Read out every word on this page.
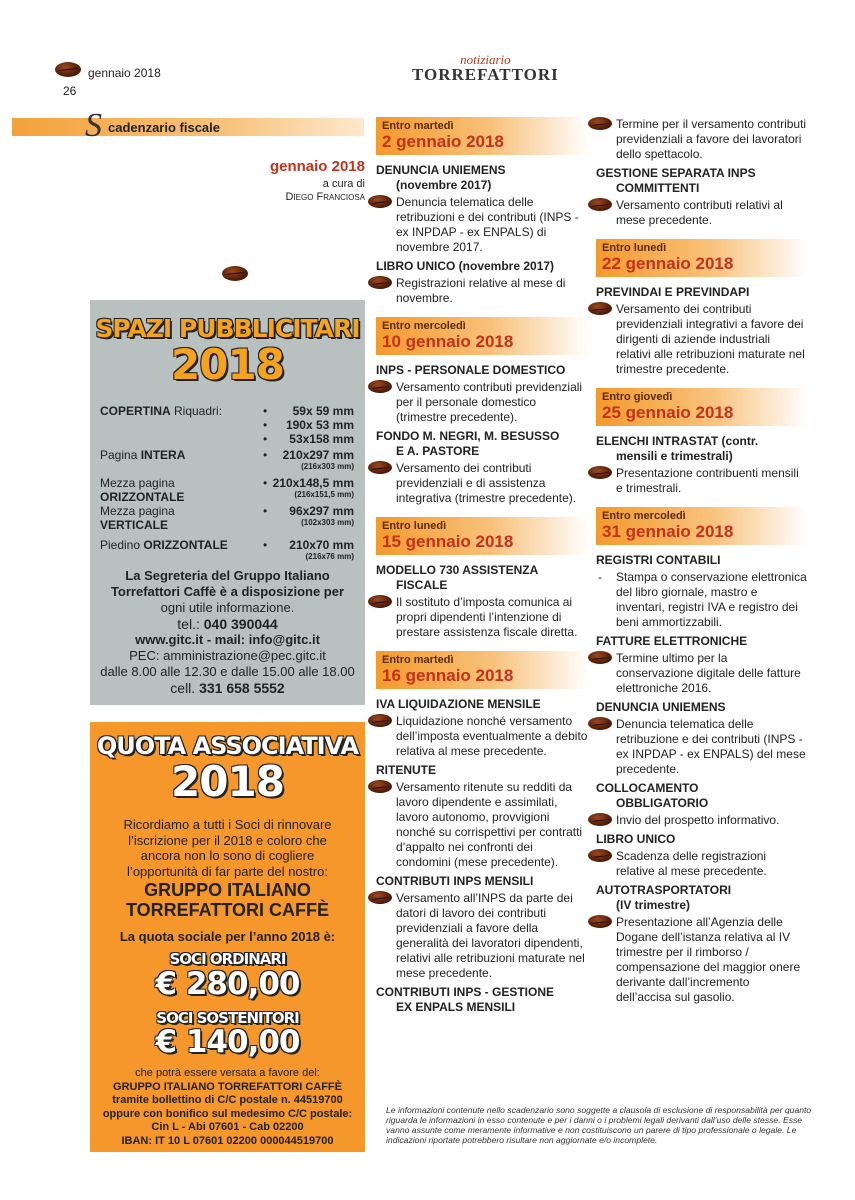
gennaio 2018
26
notiziario
TORREFATTORI
S cadenzario fiscale
gennaio 2018
a cura di
Diego Franciosa
SPAZI PUBBLICITARI
2018
COPERTINA Riquadri:	• 59x 59 mm
• 190x 53 mm
• 53x158 mm
Pagina INTERA	• 210x297 mm
(216x303 mm)
Mezza pagina
ORIZZONTALE
• 210x148,5 mm
(216x151,5 mm)
Mezza pagina
VERTICALE
• 96x297 mm
(102x303 mm)
Piedino ORIZZONTALE	• 210x70 mm
(216x76 mm)
La Segreteria del Gruppo Italiano
Torrefattori Caffè è a disposizione per
ogni utile informazione.
tel.: 040 390044
www.gitc.it - mail: info@gitc.it
PEC: amministrazione@pec.gitc.it
dalle 8.00 alle 12.30 e dalle 15.00 alle 18.00
cell. 331 658 5552
QUOTA ASSOCIATIVA
2018
Ricordiamo a tutti i Soci di rinnovare
l’iscrizione per il 2018 e coloro che
ancora non lo sono di cogliere
l’opportunità di far parte del nostro:
GRUPPO ITALIANO
TORREFATTORI CAFFÈ
La quota sociale per l’anno 2018 è:
SOCI ORDINARI
€ 280,00
SOCI SOSTENITORI
€ 140,00
che potrà essere versata a favore del:
GRUPPO ITALIANO TORREFATTORI CAFFÈ
tramite bollettino di C/C postale n. 44519700
oppure con bonifico sul medesimo C/C postale:
Cin L - Abi 07601 - Cab 02200
IBAN: IT 10 L 07601 02200 000044519700
Entro martedì
2 gennaio 2018
DENUNCIA UNIEMENS
(novembre 2017)
Denuncia telematica delle retribuzioni e dei contributi (INPS - ex INPDAP - ex ENPALS) di novembre 2017.
LIBRO UNICO (novembre 2017)
Registrazioni relative al mese di novembre.
Entro mercoledì
10 gennaio 2018
INPS - PERSONALE DOMESTICO
Versamento contributi previdenziali per il personale domestico (trimestre precedente).
FONDO M. NEGRI, M. BESUSSO
E A. PASTORE
Versamento dei contributi previdenziali e di assistenza integrativa (trimestre precedente).
Entro lunedì
15 gennaio 2018
MODELLO 730 ASSISTENZA
FISCALE
Il sostituto d’imposta comunica ai propri dipendenti l’intenzione di prestare assistenza fiscale diretta.
Entro martedì
16 gennaio 2018
IVA LIQUIDAZIONE MENSILE
Liquidazione nonché versamento dell’imposta eventualmente a debito relativa al mese precedente.
RITENUTE
Versamento ritenute su redditi da lavoro dipendente e assimilati, lavoro autonomo, provvigioni nonché su corrispettivi per contratti d’appalto nei confronti dei condomini (mese precedente).
CONTRIBUTI INPS MENSILI
Versamento all’INPS da parte dei datori di lavoro dei contributi previdenziali a favore della generalità dei lavoratori dipendenti, relativi alle retribuzioni maturate nel mese precedente.
CONTRIBUTI INPS - GESTIONE
EX ENPALS MENSILI
Termine per il versamento contributi previdenziali a favore dei lavoratori dello spettacolo.
GESTIONE SEPARATA INPS
COMMITTENTI
Versamento contributi relativi al mese precedente.
Entro lunedì
22 gennaio 2018
PREVINDAI E PREVINDAPI
Versamento dei contributi previdenziali integrativi a favore dei dirigenti di aziende industriali relativi alle retribuzioni maturate nel trimestre precedente.
Entro giovedì
25 gennaio 2018
ELENCHI INTRASTAT (contr.
mensili e trimestrali)
Presentazione contribuenti mensili e trimestrali.
Entro mercoledì
31 gennaio 2018
REGISTRI CONTABILI
- Stampa o conservazione elettronica del libro giornale, mastro e inventari, registri IVA e registro dei beni ammortizzabili.
FATTURE ELETTRONICHE
Termine ultimo per la conservazione digitale delle fatture elettroniche 2016.
DENUNCIA UNIEMENS
Denuncia telematica delle retribuzione e dei contributi (INPS - ex INPDAP - ex ENPALS) del mese precedente.
COLLOCAMENTO
OBBLIGATORIO
Invio del prospetto informativo.
LIBRO UNICO
Scadenza delle registrazioni relative al mese precedente.
AUTOTRASPORTATORI
(IV trimestre)
Presentazione all’Agenzia delle Dogane dell’istanza relativa al IV trimestre per il rimborso / compensazione del maggior onere derivante dall’incremento dell’accisa sul gasolio.
Le informazioni contenute nello scadenzario sono soggette a clausola di esclusione di responsabilità per quanto riguarda le informazioni in esso contenute e per i danni o i problemi legali derivanti dall’uso delle stesse. Esse vanno assunte come meramente informative e non costituiscono un parere di tipo professionale o legale. Le indicazioni riportate potrebbero risultare non aggiornate e/o incomplete.
